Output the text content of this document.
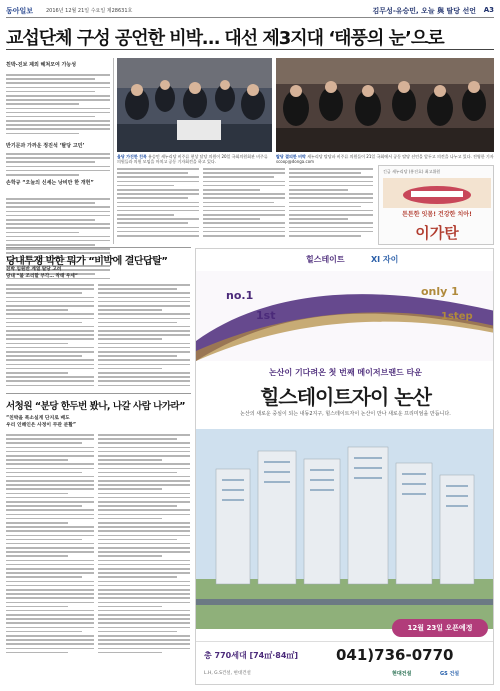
동아일보	2016년 12월 21일 수요일 제28631호	김무성-유승민, 오늘 與 탈당 선언 A3
교섭단체 구성 공언한 비박… 대선 제3지대 ‘태풍의 눈’으로
친박-진보 제외 헤쳐모여 가능성
반기문과 가까운 정진석 ‘탈당 고민’
손학규 “오늘의 신세는 낭비만 한 개헌”
올당 가진한 친목 유승민 새누리당 비주류 현상 달당 의원이 20일 국회의원회관 비주류 의원들과 의원 모임을 마치고 공동 기자회견을 하고 있다.
탈당 결의한 비박 새누리당 탈당파 비주류 의원들이 21일 국회에서 공동 탈당 선언을 앞두고 의견을 나누고 있다. 전영한 기자 scoop@donga.com
긴급 새누리당 (흥진호) 최고위원
튼튼한 잇몸! 건강한 치아!
이가탄
당내투쟁 박한 뭐가 “비박에 결단답탈”
친박 임원반 계열 탈당 고려
당내 “불 조리할 부각… 착태 우세”
서청원 “분당 한두번 봤나, 나갈 사람 나가라”
“친박을 폭소실게 단지로 배도
우리 인해인은 사정이 무관 분활”
힐스테이트	XI 자이
no.1
1st
only 1
1step
논산이 기다려온 첫 번째 메이저브랜드 타운
힐스테이트자이 논산
논산의 새로운 중심이 되는 내동2지구, 힐스테이트자이 논산이 만나 새로운 프리미엄을 만듭니다.
12월 23일 오픈예정
총 770세대 [74㎡·84㎡]	041)736-0770
L.H, G.S건설, 현대건설	현대건설	GS 건설
